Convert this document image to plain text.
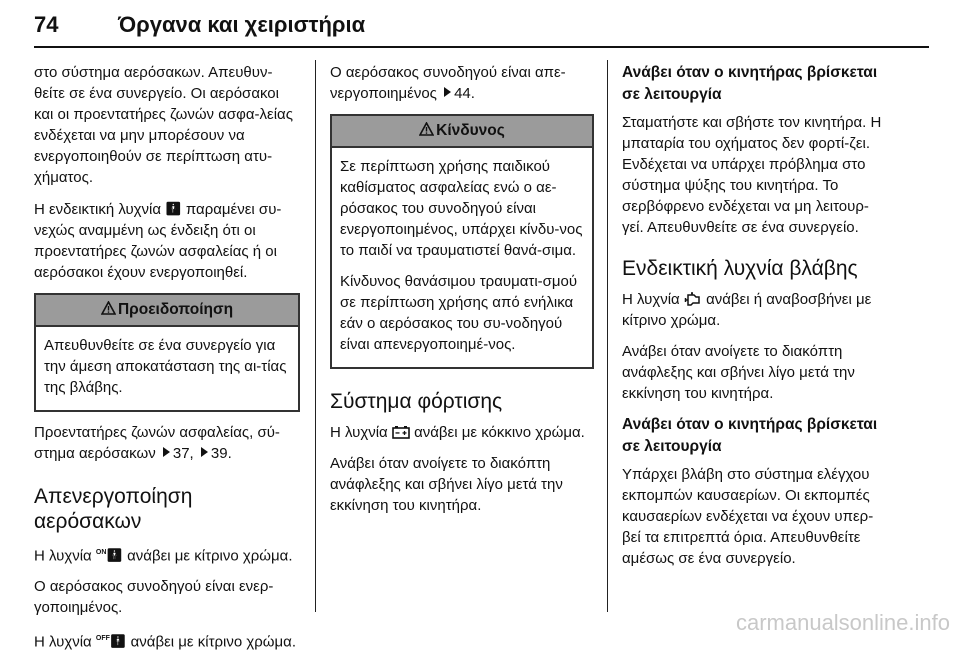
74	Όργανα και χειριστήρια

στο σύστημα αερόσακων. Απευθυν-θείτε σε ένα συνεργείο. Οι αερόσακοι και οι προεντατήρες ζωνών ασφα-λείας ενδέχεται να μην μπορέσουν να ενεργοποιηθούν σε περίπτωση ατυ-χήματος.

Η ενδεικτική λυχνία 🚹︎ παραμένει συ-νεχώς αναμμένη ως ένδειξη ότι οι προεντατήρες ζωνών ασφαλείας ή οι αερόσακοι έχουν ενεργοποιηθεί.

Προειδοποίηση

Απευθυνθείτε σε ένα συνεργείο για την άμεση αποκατάσταση της αι-τίας της βλάβης.

Προεντατήρες ζωνών ασφαλείας, σύ-στημα αερόσακων 37, 39.

Απενεργοποίηση αερόσακων

Η λυχνία $^{ON}$🚹︎ ανάβει με κίτρινο χρώμα.

Ο αερόσακος συνοδηγού είναι ενερ-γοποιημένος.

Η λυχνία $^{OFF}$🚹︎ ανάβει με κίτρινο χρώμα.

Ο αερόσακος συνοδηγού είναι απε-νεργοποιημένος 44.

Κίνδυνος

Σε περίπτωση χρήσης παιδικού καθίσματος ασφαλείας ενώ ο αε-ρόσακος του συνοδηγού είναι ενεργοποιημένος, υπάρχει κίνδυ-νος το παιδί να τραυματιστεί θανά-σιμα.

Κίνδυνος θανάσιμου τραυματι-σμού σε περίπτωση χρήσης από ενήλικα εάν ο αερόσακος του συ-νοδηγού είναι απενεργοποιημέ-νος.

Σύστημα φόρτισης

Η λυχνία ανάβει με κόκκινο χρώμα.

Ανάβει όταν ανοίγετε το διακόπτη ανάφλεξης και σβήνει λίγο μετά την εκκίνηση του κινητήρα.

Ανάβει όταν ο κινητήρας βρίσκεται σε λειτουργία

Σταματήστε και σβήστε τον κινητήρα. Η μπαταρία του οχήματος δεν φορτί-ζει. Ενδέχεται να υπάρχει πρόβλημα στο σύστημα ψύξης του κινητήρα. Το σερβόφρενο ενδέχεται να μη λειτουρ-γεί. Απευθυνθείτε σε ένα συνεργείο.

Ενδεικτική λυχνία βλάβης

Η λυχνία ανάβει ή αναβοσβήνει με κίτρινο χρώμα.

Ανάβει όταν ανοίγετε το διακόπτη ανάφλεξης και σβήνει λίγο μετά την εκκίνηση του κινητήρα.

Ανάβει όταν ο κινητήρας βρίσκεται σε λειτουργία

Υπάρχει βλάβη στο σύστημα ελέγχου εκπομπών καυσαερίων. Οι εκπομπές καυσαερίων ενδέχεται να έχουν υπερ-βεί τα επιτρεπτά όρια. Απευθυνθείτε αμέσως σε ένα συνεργείο.

carmanualsonline.info
